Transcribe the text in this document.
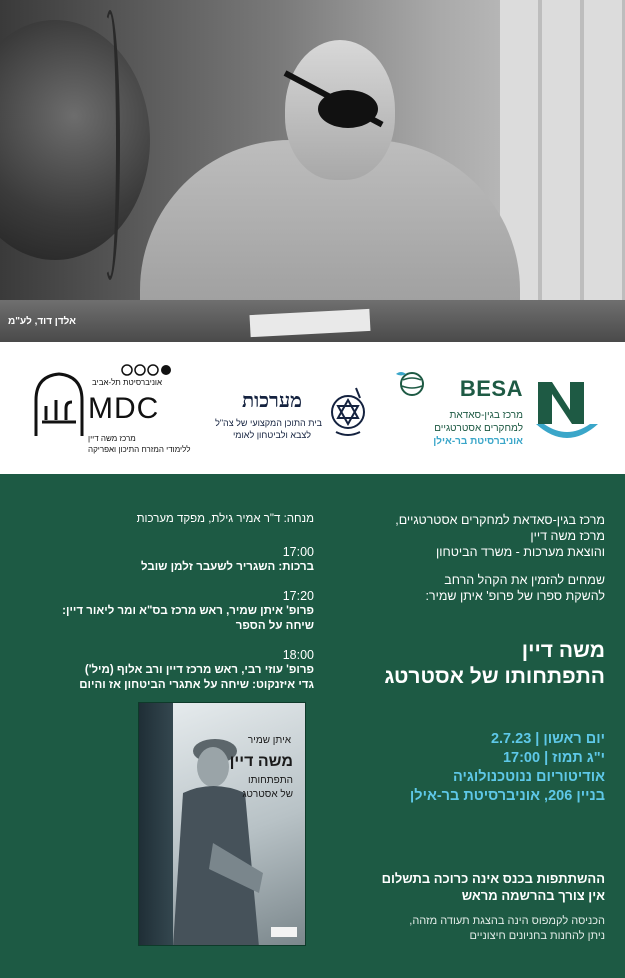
אלדן דוד, לע"מ
BESA
מרכז בגין-סאדאת
למחקרים אסטרטגיים
אוניברסיטת בר-אילן
מערכות
בית התוכן המקצועי של צה"ל
לצבא ולביטחון לאומי
אוניברסיטת תל-אביב
MDC
מרכז משה דיין
ללימודי המזרח התיכון ואפריקה
מרכז בגין-סאדאת למחקרים אסטרטגיים,
מרכז משה דיין
והוצאת מערכות - משרד הביטחון
שמחים להזמין את הקהל הרחב
להשקת ספרו של פרופ' איתן שמיר:
משה דיין
התפתחותו של אסטרטג
יום ראשון | 2.7.23
י"ג תמוז | 17:00
אודיטוריום ננוטכנולוגיה
בניין 206, אוניברסיטת בר-אילן
ההשתתפות בכנס אינה כרוכה בתשלום
אין צורך בהרשמה מראש
הכניסה לקמפוס הינה בהצגת תעודה מזהה,
ניתן להחנות בחניונים חיצוניים
מנחה: ד"ר אמיר גילת, מפקד מערכות
17:00
ברכות: השגריר לשעבר זלמן שובל
17:20
פרופ' איתן שמיר, ראש מרכז בס"א ומר ליאור דיין:
שיחה על הספר
18:00
פרופ' עוזי רבי, ראש מרכז דיין ורב אלוף (מיל')
גדי איזנקוט: שיחה על אתגרי הביטחון אז והיום
איתן שמיר
משה דיין
התפתחותו
של אסטרטג
